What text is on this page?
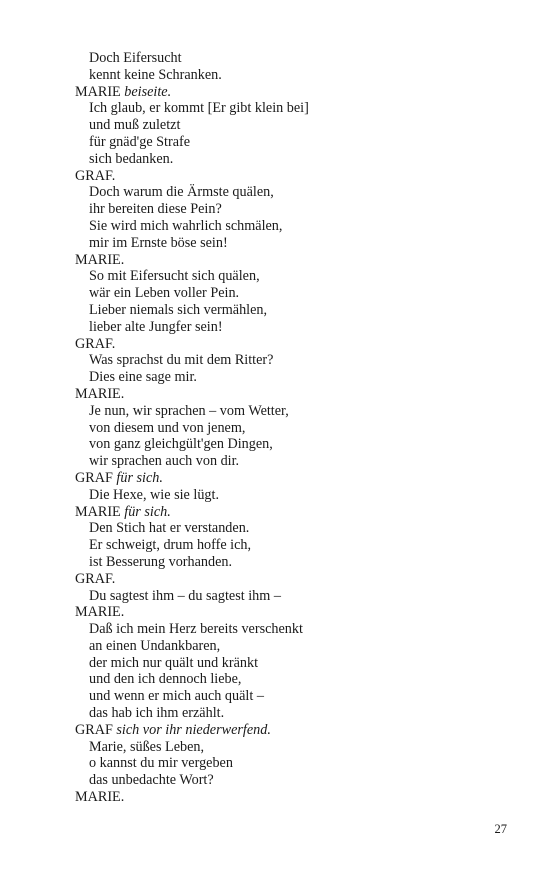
Doch Eifersucht
kennt keine Schranken.
MARIE beiseite.
Ich glaub, er kommt [Er gibt klein bei]
und muß zuletzt
für gnäd'ge Strafe
sich bedanken.
GRAF.
Doch warum die Ärmste quälen,
ihr bereiten diese Pein?
Sie wird mich wahrlich schmälen,
mir im Ernste böse sein!
MARIE.
So mit Eifersucht sich quälen,
wär ein Leben voller Pein.
Lieber niemals sich vermählen,
lieber alte Jungfer sein!
GRAF.
Was sprachst du mit dem Ritter?
Dies eine sage mir.
MARIE.
Je nun, wir sprachen – vom Wetter,
von diesem und von jenem,
von ganz gleichgült'gen Dingen,
wir sprachen auch von dir.
GRAF für sich.
Die Hexe, wie sie lügt.
MARIE für sich.
Den Stich hat er verstanden.
Er schweigt, drum hoffe ich,
ist Besserung vorhanden.
GRAF.
Du sagtest ihm – du sagtest ihm –
MARIE.
Daß ich mein Herz bereits verschenkt
an einen Undankbaren,
der mich nur quält und kränkt
und den ich dennoch liebe,
und wenn er mich auch quält –
das hab ich ihm erzählt.
GRAF sich vor ihr niederwerfend.
Marie, süßes Leben,
o kannst du mir vergeben
das unbedachte Wort?
MARIE.
27
